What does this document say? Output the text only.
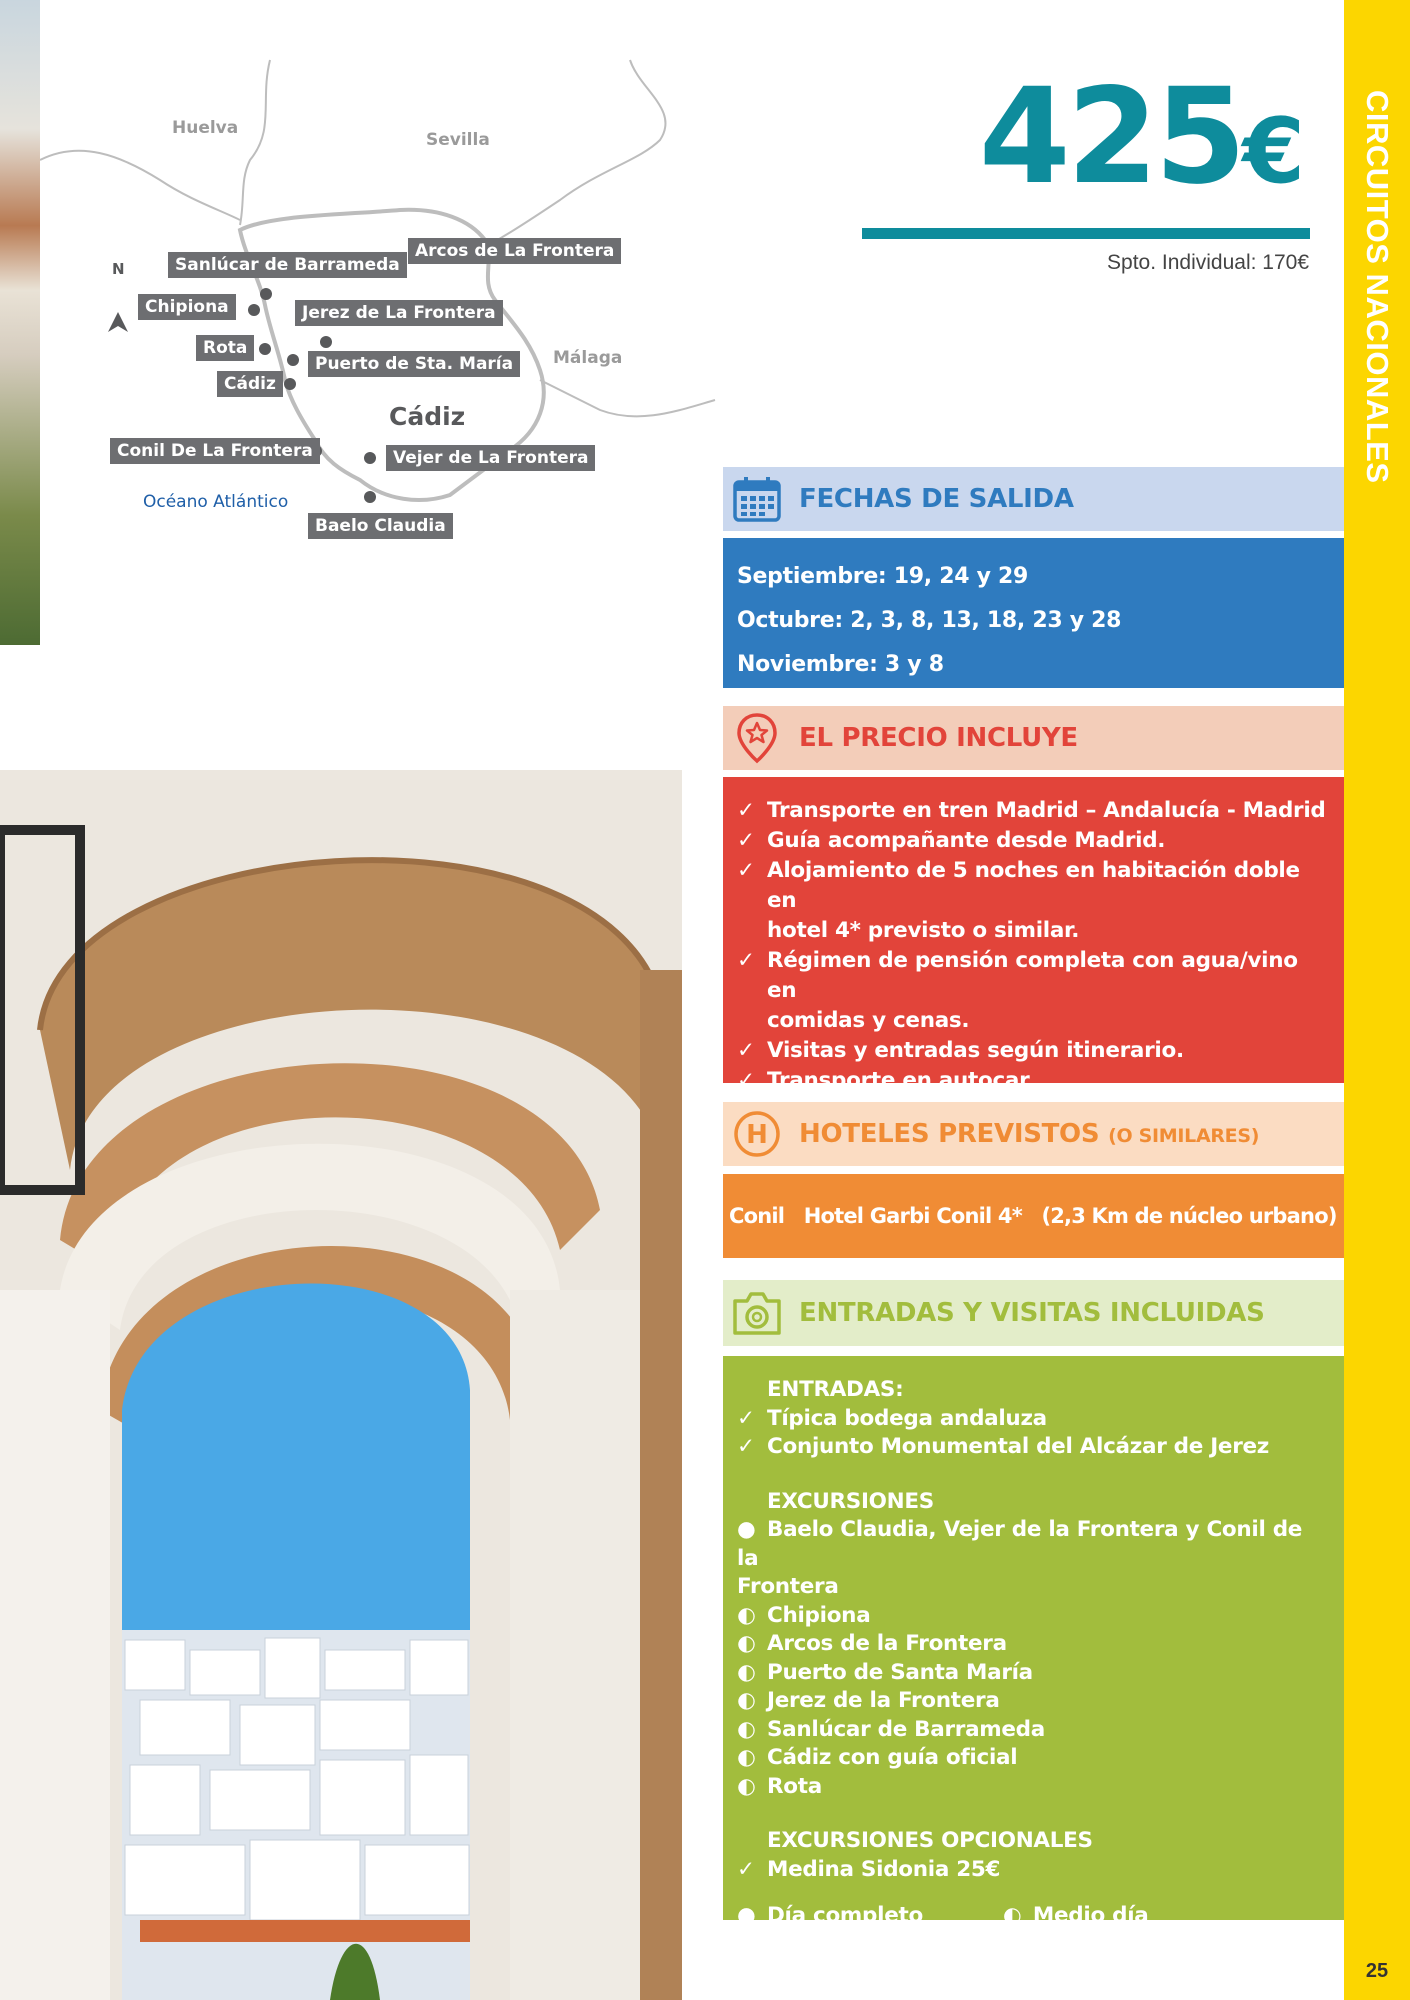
Huelva
Sevilla
Málaga
Cádiz
Océano Atlántico
N	Sanlúcar de Barrameda
Arcos de La Frontera
Chipiona	Jerez de La Frontera
Rota
Puerto de Sta. María
Cádiz
Conil De La Frontera	Vejer de La Frontera
Baelo Claudia
425€
Spto. Individual: 170€
FECHAS DE SALIDA
Septiembre: 19, 24 y 29
Octubre: 2, 3, 8, 13, 18, 23 y 28
Noviembre: 3 y 8
EL PRECIO INCLUYE
✓ Transporte en tren Madrid – Andalucía - Madrid
✓ Guía acompañante desde Madrid.
✓ Alojamiento de 5 noches en habitación doble en
hotel 4* previsto o similar.
✓ Régimen de pensión completa con agua/vino en
comidas y cenas.
✓ Visitas y entradas según itinerario.
✓ Transporte en autocar
H HOTELES PREVISTOS (O SIMILARES)
Conil   Hotel Garbi Conil 4*   (2,3 Km de núcleo urbano)
ENTRADAS Y VISITAS INCLUIDAS
ENTRADAS:
✓ Típica bodega andaluza
✓ Conjunto Monumental del Alcázar de Jerez
EXCURSIONES
● Baelo Claudia, Vejer de la Frontera y Conil de la
Frontera
◐ Chipiona
◐ Arcos de la Frontera
◐ Puerto de Santa María
◐ Jerez de la Frontera
◐ Sanlúcar de Barrameda
◐ Cádiz con guía oficial
◐ Rota
EXCURSIONES OPCIONALES
✓ Medina Sidonia 25€
● Día completo	◐ Medio día
CIRCUITOS NACIONALES
25
